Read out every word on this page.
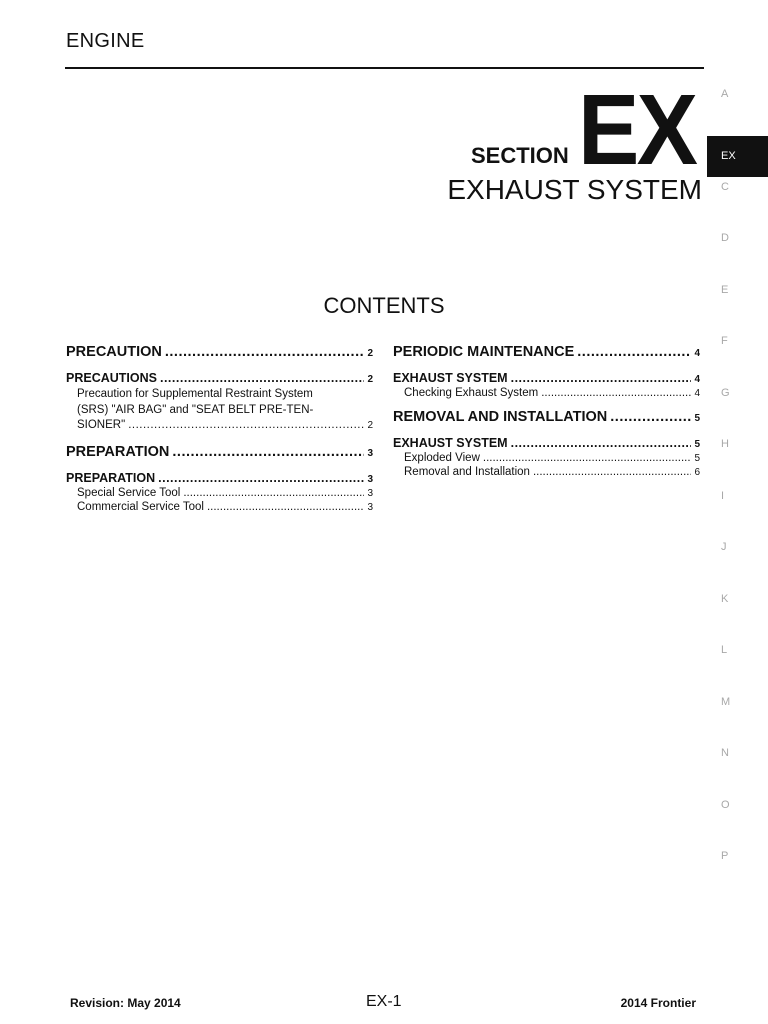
ENGINE
SECTION EX
EXHAUST SYSTEM
CONTENTS
PRECAUTION .....	2
PRECAUTIONS .....	2
Precaution for Supplemental Restraint System
(SRS) "AIR BAG" and "SEAT BELT PRE-TEN-
SIONER" .....	2
PREPARATION .....	3
PREPARATION .....	3
Special Service Tool .....	3
Commercial Service Tool .....	3
PERIODIC MAINTENANCE .....	4
EXHAUST SYSTEM .....	4
Checking Exhaust System .....	4
REMOVAL AND INSTALLATION .....	5
EXHAUST SYSTEM .....	5
Exploded View .....	5
Removal and Installation .....	6
A
EX
C
D
E
F
G
H
I
J
K
L
M
N
O
P
Revision: May 2014	EX-1	2014 Frontier
